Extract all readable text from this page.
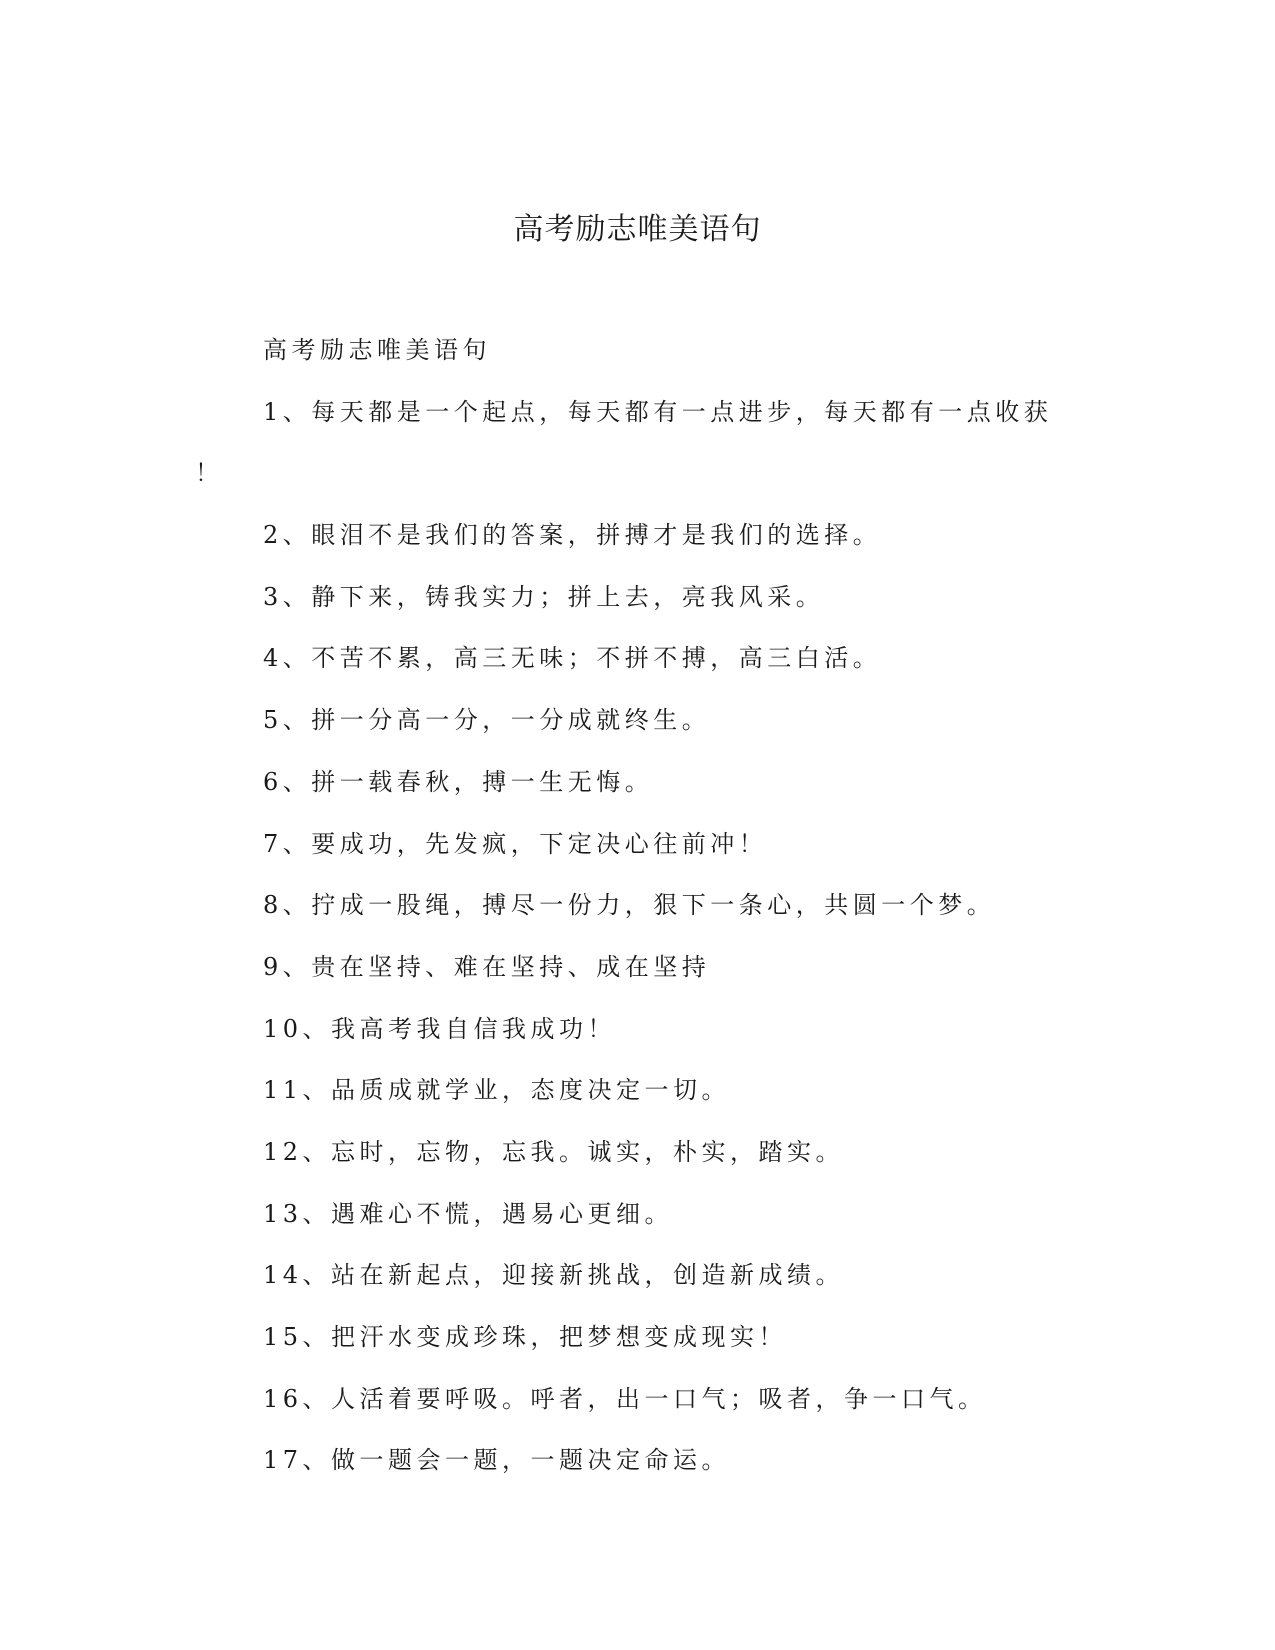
高考励志唯美语句
高考励志唯美语句
1、每天都是一个起点，每天都有一点进步，每天都有一点收获
！
2、眼泪不是我们的答案，拼搏才是我们的选择。
3、静下来，铸我实力；拼上去，亮我风采。
4、不苦不累，高三无味；不拼不搏，高三白活。
5、拼一分高一分，一分成就终生。
6、拼一载春秋，搏一生无悔。
7、要成功，先发疯，下定决心往前冲！
8、拧成一股绳，搏尽一份力，狠下一条心，共圆一个梦。
9、贵在坚持、难在坚持、成在坚持
10、我高考我自信我成功！
11、品质成就学业，态度决定一切。
12、忘时，忘物，忘我。诚实，朴实，踏实。
13、遇难心不慌，遇易心更细。
14、站在新起点，迎接新挑战，创造新成绩。
15、把汗水变成珍珠，把梦想变成现实！
16、人活着要呼吸。呼者，出一口气；吸者，争一口气。
17、做一题会一题，一题决定命运。
